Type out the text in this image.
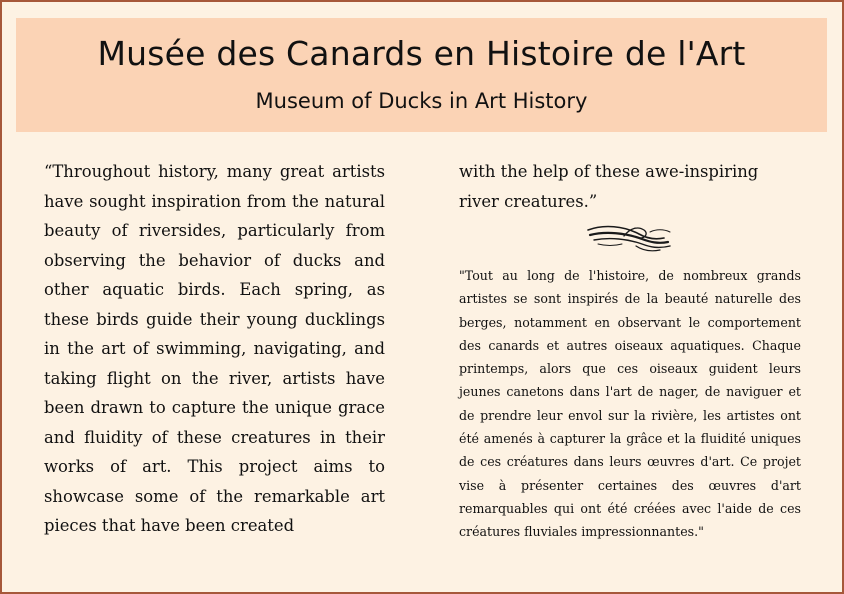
Musée des Canards en Histoire de l'Art
Museum of Ducks in Art History
“Throughout history, many great artists have sought inspiration from the natural beauty of riversides, particularly from observing the behavior of ducks and other aquatic birds. Each spring, as these birds guide their young ducklings in the art of swimming, navigating, and taking flight on the river, artists have been drawn to capture the unique grace and fluidity of these creatures in their works of art. This project aims to showcase some of the remarkable art pieces that have been created
with the help of these awe-inspiring river creatures.”
"Tout au long de l'histoire, de nombreux grands artistes se sont inspirés de la beauté naturelle des berges, notamment en observant le comportement des canards et autres oiseaux aquatiques. Chaque printemps, alors que ces oiseaux guident leurs jeunes canetons dans l'art de nager, de naviguer et de prendre leur envol sur la rivière, les artistes ont été amenés à capturer la grâce et la fluidité uniques de ces créatures dans leurs œuvres d'art. Ce projet vise à présenter certaines des œuvres d'art remarquables qui ont été créées avec l'aide de ces créatures fluviales impressionnantes."
